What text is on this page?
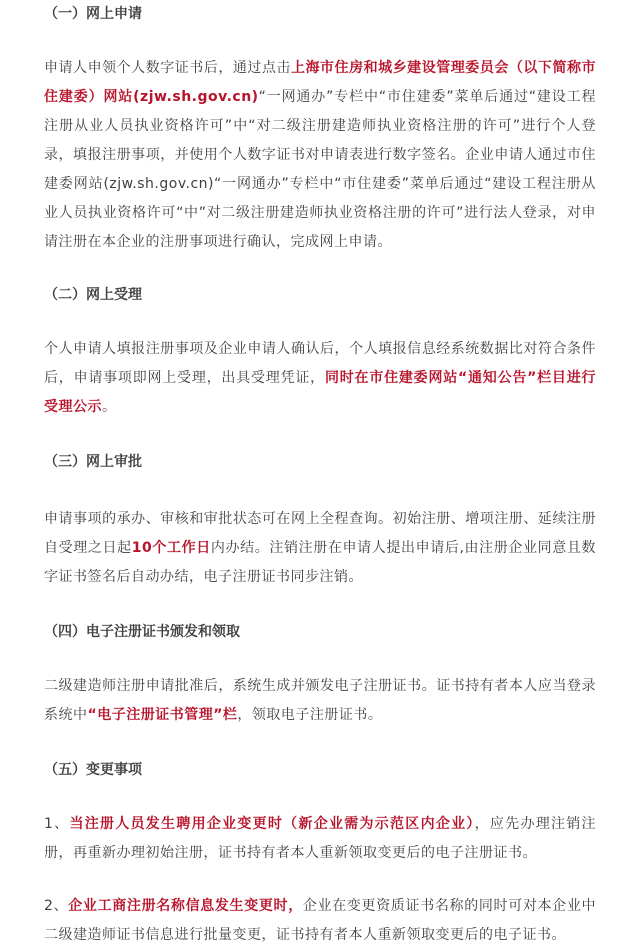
（一）网上申请

申请人申领个人数字证书后，通过点击上海市住房和城乡建设管理委员会（以下简称市住建委）网站(zjw.sh.gov.cn)“一网通办”专栏中“市住建委”菜单后通过“建设工程注册从业人员执业资格许可”中“对二级注册建造师执业资格注册的许可”进行个人登录，填报注册事项，并使用个人数字证书对申请表进行数字签名。企业申请人通过市住建委网站(zjw.sh.gov.cn)“一网通办”专栏中“市住建委”菜单后通过“建设工程注册从业人员执业资格许可“中”对二级注册建造师执业资格注册的许可”进行法人登录，对申请注册在本企业的注册事项进行确认，完成网上申请。

（二）网上受理

个人申请人填报注册事项及企业申请人确认后，个人填报信息经系统数据比对符合条件后，申请事项即网上受理，出具受理凭证，同时在市住建委网站“通知公告”栏目进行受理公示。

（三）网上审批

申请事项的承办、审核和审批状态可在网上全程查询。初始注册、增项注册、延续注册自受理之日起10个工作日内办结。注销注册在申请人提出申请后,由注册企业同意且数字证书签名后自动办结，电子注册证书同步注销。

（四）电子注册证书颁发和领取

二级建造师注册申请批准后，系统生成并颁发电子注册证书。证书持有者本人应当登录系统中“电子注册证书管理”栏，领取电子注册证书。

（五）变更事项

1、当注册人员发生聘用企业变更时（新企业需为示范区内企业），应先办理注销注册，再重新办理初始注册，证书持有者本人重新领取变更后的电子注册证书。

2、企业工商注册名称信息发生变更时，企业在变更资质证书名称的同时可对本企业中二级建造师证书信息进行批量变更，证书持有者本人重新领取变更后的电子证书。
